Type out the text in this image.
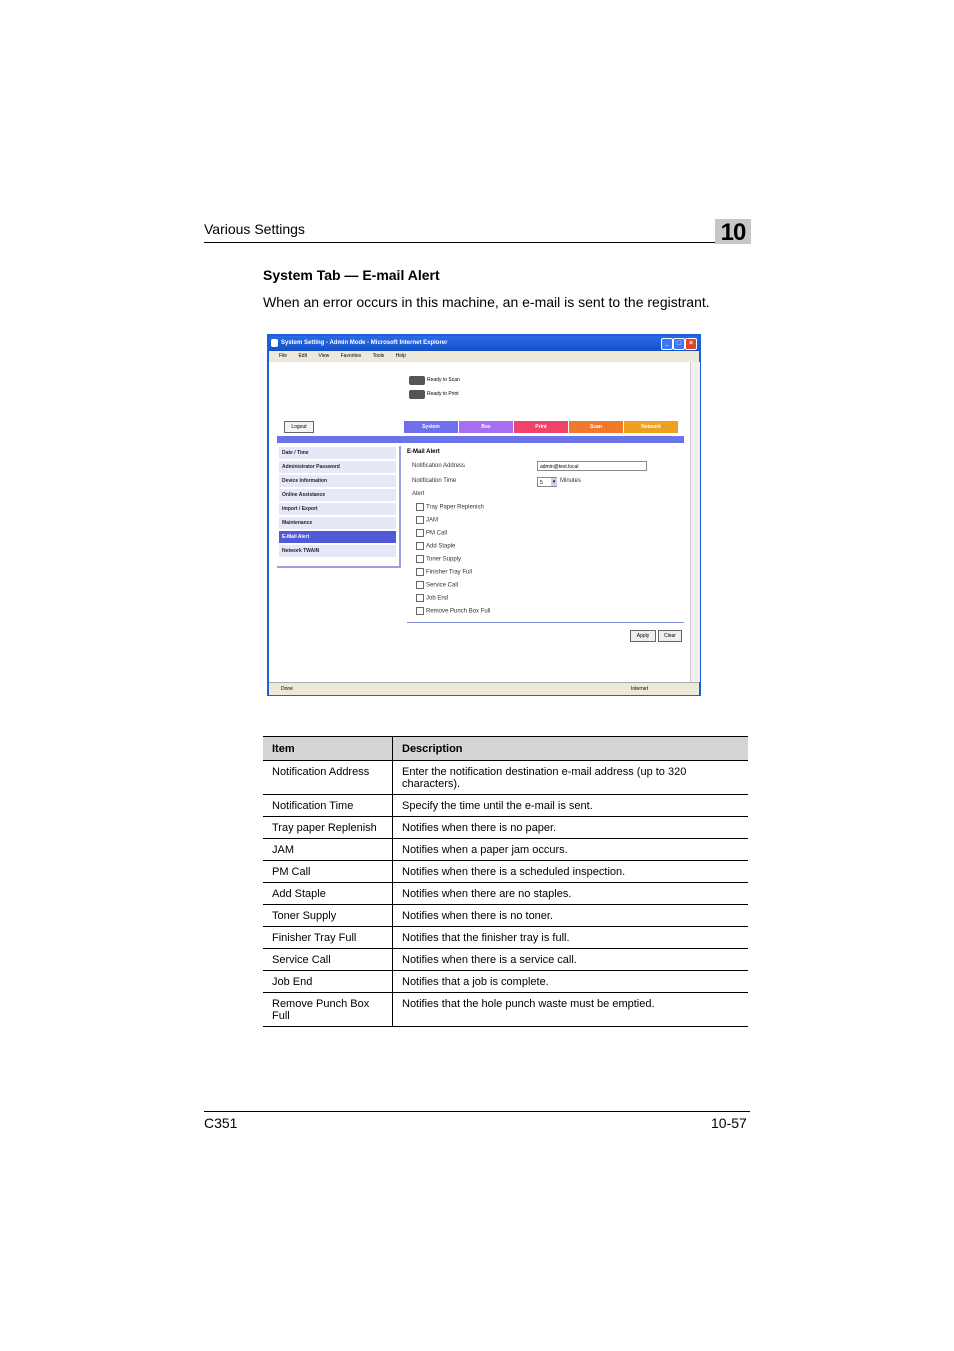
Various Settings	10
System Tab — E-mail Alert
When an error occurs in this machine, an e-mail is sent to the registrant.
System Setting - Admin Mode - Microsoft Internet Explorer	_	□	×
File Edit View Favorites Tools Help
Ready to Scan
Ready to Print
Logout	System	Box	Print	Scan	Network
Date / Time
Administrator Password
Device Information
Online Assistance
Import / Export
Maintenance
E-Mail Alert
Network TWAIN
E-Mail Alert
Notification Address	admin@test.local
Notification Time	5	▾ Minutes
Alert
Tray Paper Replenish
JAM
PM Call
Add Staple
Toner Supply
Finisher Tray Full
Service Call
Job End
Remove Punch Box Full
Apply	Clear
Done	Internet
Item	Description
Notification Address	Enter the notification destination e-mail address (up to 320 characters).
Notification Time	Specify the time until the e-mail is sent.
Tray paper Replenish	Notifies when there is no paper.
JAM	Notifies when a paper jam occurs.
PM Call	Notifies when there is a scheduled inspection.
Add Staple	Notifies when there are no staples.
Toner Supply	Notifies when there is no toner.
Finisher Tray Full	Notifies that the finisher tray is full.
Service Call	Notifies when there is a service call.
Job End	Notifies that a job is complete.
Remove Punch Box Full	Notifies that the hole punch waste must be emptied.
C351	10-57
